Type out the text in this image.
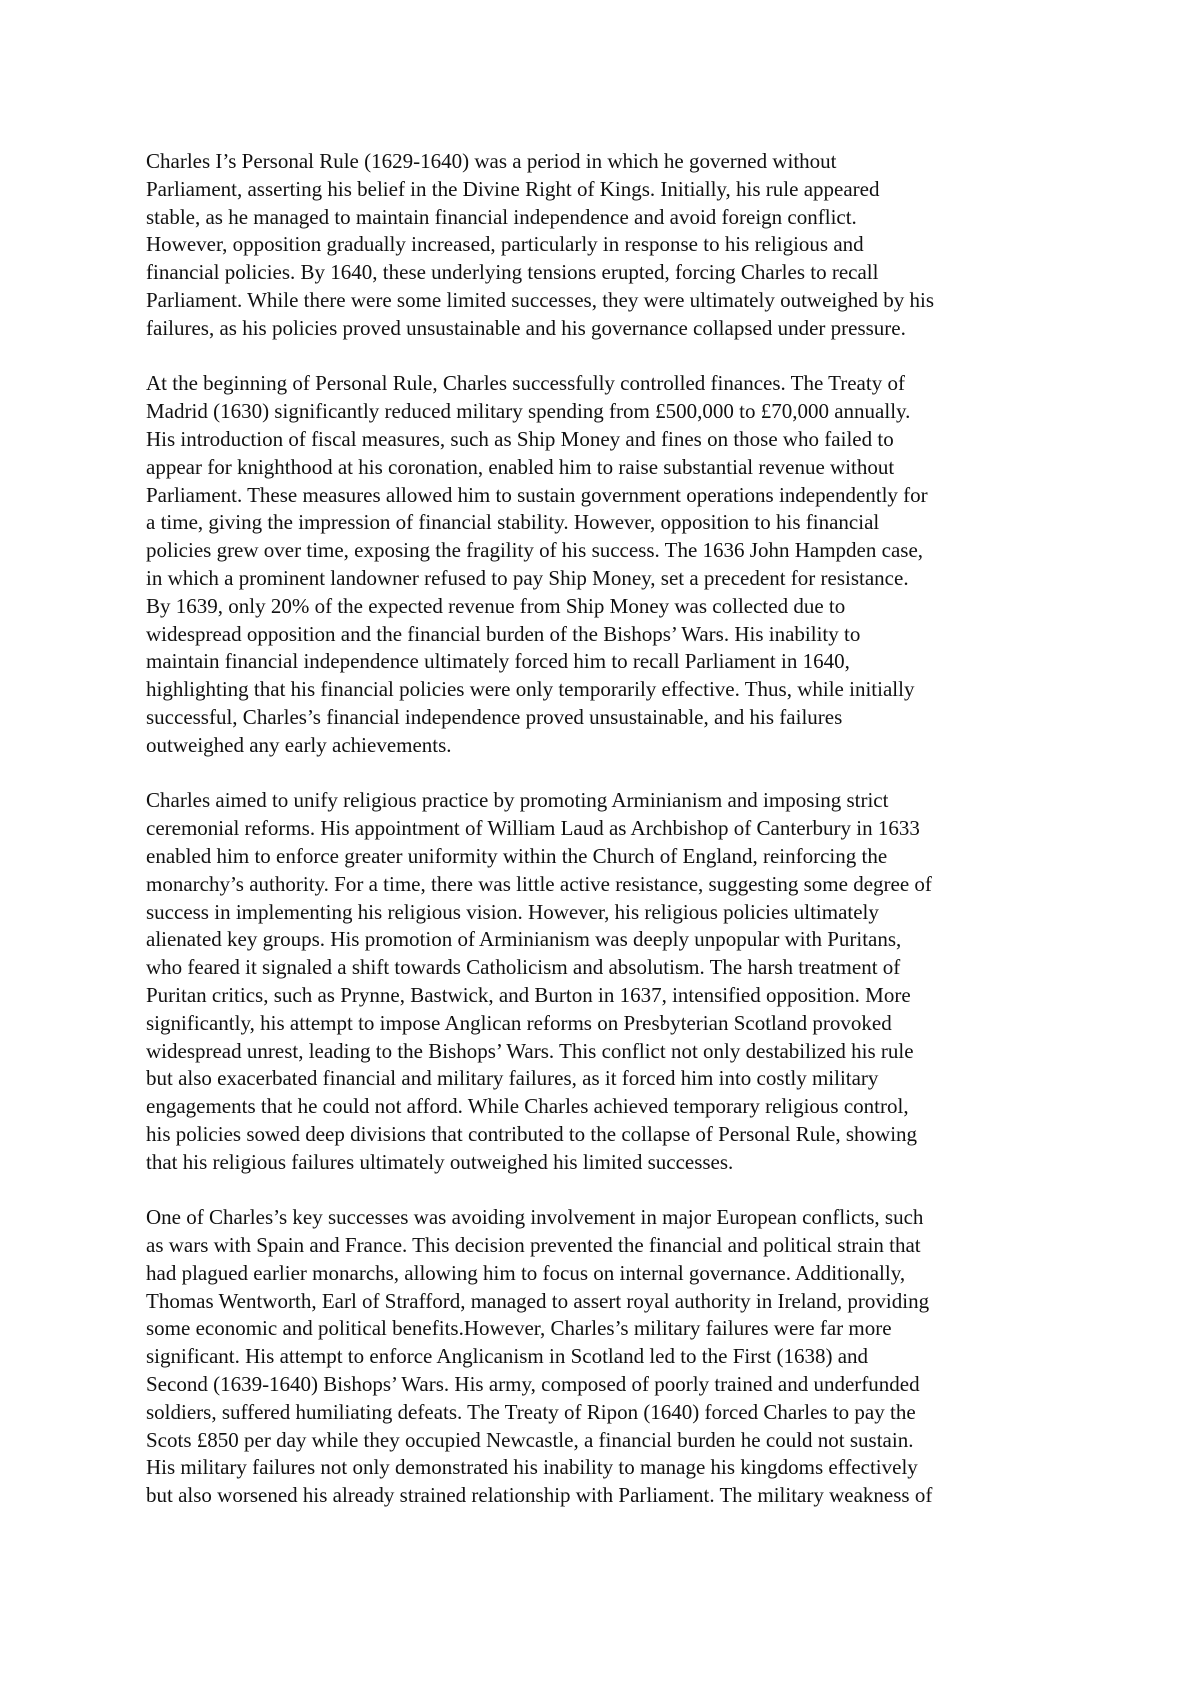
Charles I’s Personal Rule (1629-1640) was a period in which he governed without
Parliament, asserting his belief in the Divine Right of Kings. Initially, his rule appeared
stable, as he managed to maintain financial independence and avoid foreign conflict.
However, opposition gradually increased, particularly in response to his religious and
financial policies. By 1640, these underlying tensions erupted, forcing Charles to recall
Parliament. While there were some limited successes, they were ultimately outweighed by his
failures, as his policies proved unsustainable and his governance collapsed under pressure.
At the beginning of Personal Rule, Charles successfully controlled finances. The Treaty of
Madrid (1630) significantly reduced military spending from £500,000 to £70,000 annually.
His introduction of fiscal measures, such as Ship Money and fines on those who failed to
appear for knighthood at his coronation, enabled him to raise substantial revenue without
Parliament. These measures allowed him to sustain government operations independently for
a time, giving the impression of financial stability. However, opposition to his financial
policies grew over time, exposing the fragility of his success. The 1636 John Hampden case,
in which a prominent landowner refused to pay Ship Money, set a precedent for resistance.
By 1639, only 20% of the expected revenue from Ship Money was collected due to
widespread opposition and the financial burden of the Bishops’ Wars. His inability to
maintain financial independence ultimately forced him to recall Parliament in 1640,
highlighting that his financial policies were only temporarily effective. Thus, while initially
successful, Charles’s financial independence proved unsustainable, and his failures
outweighed any early achievements.
Charles aimed to unify religious practice by promoting Arminianism and imposing strict
ceremonial reforms. His appointment of William Laud as Archbishop of Canterbury in 1633
enabled him to enforce greater uniformity within the Church of England, reinforcing the
monarchy’s authority. For a time, there was little active resistance, suggesting some degree of
success in implementing his religious vision. However, his religious policies ultimately
alienated key groups. His promotion of Arminianism was deeply unpopular with Puritans,
who feared it signaled a shift towards Catholicism and absolutism. The harsh treatment of
Puritan critics, such as Prynne, Bastwick, and Burton in 1637, intensified opposition. More
significantly, his attempt to impose Anglican reforms on Presbyterian Scotland provoked
widespread unrest, leading to the Bishops’ Wars. This conflict not only destabilized his rule
but also exacerbated financial and military failures, as it forced him into costly military
engagements that he could not afford. While Charles achieved temporary religious control,
his policies sowed deep divisions that contributed to the collapse of Personal Rule, showing
that his religious failures ultimately outweighed his limited successes.
One of Charles’s key successes was avoiding involvement in major European conflicts, such
as wars with Spain and France. This decision prevented the financial and political strain that
had plagued earlier monarchs, allowing him to focus on internal governance. Additionally,
Thomas Wentworth, Earl of Strafford, managed to assert royal authority in Ireland, providing
some economic and political benefits.However, Charles’s military failures were far more
significant. His attempt to enforce Anglicanism in Scotland led to the First (1638) and
Second (1639-1640) Bishops’ Wars. His army, composed of poorly trained and underfunded
soldiers, suffered humiliating defeats. The Treaty of Ripon (1640) forced Charles to pay the
Scots £850 per day while they occupied Newcastle, a financial burden he could not sustain.
His military failures not only demonstrated his inability to manage his kingdoms effectively
but also worsened his already strained relationship with Parliament. The military weakness of
